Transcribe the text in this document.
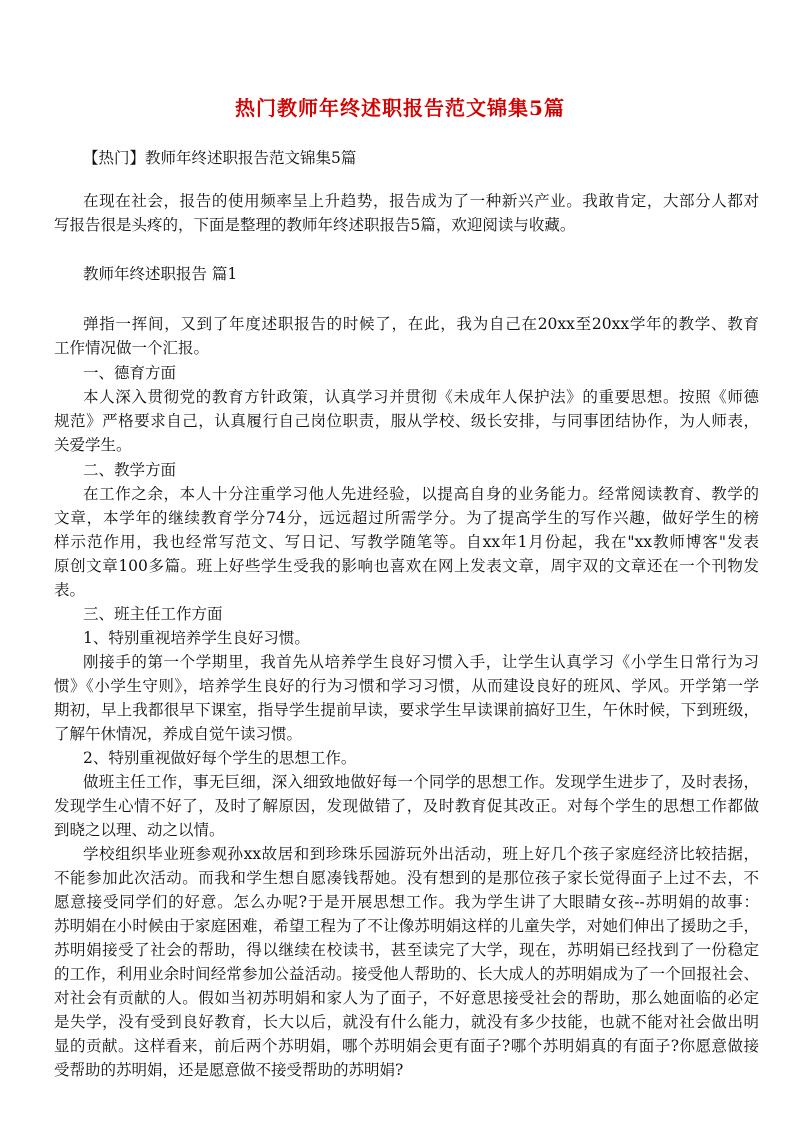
热门教师年终述职报告范文锦集5篇
【热门】教师年终述职报告范文锦集5篇
在现在社会，报告的使用频率呈上升趋势，报告成为了一种新兴产业。我敢肯定，大部分人都对
写报告很是头疼的，下面是整理的教师年终述职报告5篇，欢迎阅读与收藏。
教师年终述职报告 篇1
弹指一挥间，又到了年度述职报告的时候了，在此，我为自己在20xx至20xx学年的教学、教育
工作情况做一个汇报。
一、德育方面
本人深入贯彻党的教育方针政策，认真学习并贯彻《未成年人保护法》的重要思想。按照《师德
规范》严格要求自己，认真履行自己岗位职责，服从学校、级长安排，与同事团结协作，为人师表，
关爱学生。
二、教学方面
在工作之余，本人十分注重学习他人先进经验，以提高自身的业务能力。经常阅读教育、教学的
文章，本学年的继续教育学分74分，远远超过所需学分。为了提高学生的写作兴趣，做好学生的榜
样示范作用，我也经常写范文、写日记、写教学随笔等。自xx年1月份起，我在"xx教师博客"发表
原创文章100多篇。班上好些学生受我的影响也喜欢在网上发表文章，周宇双的文章还在一个刊物发
表。
三、班主任工作方面
1、特别重视培养学生良好习惯。
刚接手的第一个学期里，我首先从培养学生良好习惯入手，让学生认真学习《小学生日常行为习
惯》《小学生守则》，培养学生良好的行为习惯和学习习惯，从而建设良好的班风、学风。开学第一学
期初，早上我都很早下课室，指导学生提前早读，要求学生早读课前搞好卫生，午休时候，下到班级，
了解午休情况，养成自觉午读习惯。
2、特别重视做好每个学生的思想工作。
做班主任工作，事无巨细，深入细致地做好每一个同学的思想工作。发现学生进步了，及时表扬，
发现学生心情不好了，及时了解原因，发现做错了，及时教育促其改正。对每个学生的思想工作都做
到晓之以理、动之以情。
学校组织毕业班参观孙xx故居和到珍珠乐园游玩外出活动，班上好几个孩子家庭经济比较拮据，
不能参加此次活动。而我和学生想自愿凑钱帮她。没有想到的是那位孩子家长觉得面子上过不去，不
愿意接受同学们的好意。怎么办呢?于是开展思想工作。我为学生讲了大眼睛女孩--苏明娟的故事：
苏明娟在小时候由于家庭困难，希望工程为了不让像苏明娟这样的儿童失学，对她们伸出了援助之手，
苏明娟接受了社会的帮助，得以继续在校读书，甚至读完了大学，现在，苏明娟已经找到了一份稳定
的工作，利用业余时间经常参加公益活动。接受他人帮助的、长大成人的苏明娟成为了一个回报社会、
对社会有贡献的人。假如当初苏明娟和家人为了面子，不好意思接受社会的帮助，那么她面临的必定
是失学，没有受到良好教育，长大以后，就没有什么能力，就没有多少技能，也就不能对社会做出明
显的贡献。这样看来，前后两个苏明娟，哪个苏明娟会更有面子?哪个苏明娟真的有面子?你愿意做接
受帮助的苏明娟，还是愿意做不接受帮助的苏明娟?
